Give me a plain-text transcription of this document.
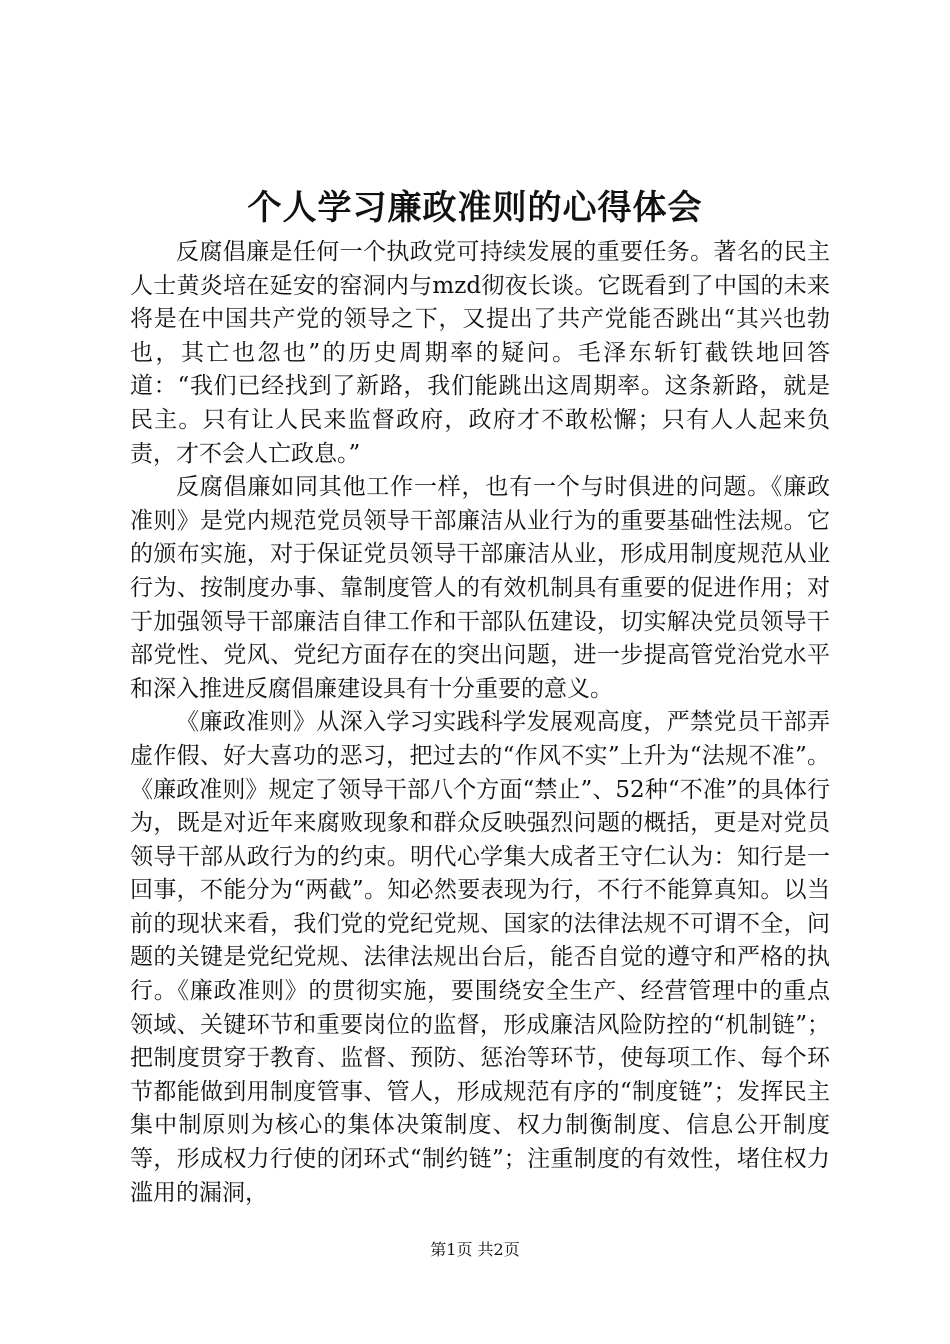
个人学习廉政准则的心得体会

反腐倡廉是任何一个执政党可持续发展的重要任务。著名的民主人士黄炎培在延安的窑洞内与mzd彻夜长谈。它既看到了中国的未来将是在中国共产党的领导之下，又提出了共产党能否跳出“其兴也勃也，其亡也忽也”的历史周期率的疑问。毛泽东斩钉截铁地回答道：“我们已经找到了新路，我们能跳出这周期率。这条新路，就是民主。只有让人民来监督政府，政府才不敢松懈；只有人人起来负责，才不会人亡政息。”

反腐倡廉如同其他工作一样，也有一个与时俱进的问题。《廉政准则》是党内规范党员领导干部廉洁从业行为的重要基础性法规。它的颁布实施，对于保证党员领导干部廉洁从业，形成用制度规范从业行为、按制度办事、靠制度管人的有效机制具有重要的促进作用；对于加强领导干部廉洁自律工作和干部队伍建设，切实解决党员领导干部党性、党风、党纪方面存在的突出问题，进一步提高管党治党水平和深入推进反腐倡廉建设具有十分重要的意义。

《廉政准则》从深入学习实践科学发展观高度，严禁党员干部弄虚作假、好大喜功的恶习，把过去的“作风不实”上升为“法规不准”。《廉政准则》规定了领导干部八个方面“禁止”、52种“不准”的具体行为，既是对近年来腐败现象和群众反映强烈问题的概括，更是对党员领导干部从政行为的约束。明代心学集大成者王守仁认为：知行是一回事，不能分为“两截”。知必然要表现为行，不行不能算真知。以当前的现状来看，我们党的党纪党规、国家的法律法规不可谓不全，问题的关键是党纪党规、法律法规出台后，能否自觉的遵守和严格的执行。《廉政准则》的贯彻实施，要围绕安全生产、经营管理中的重点领域、关键环节和重要岗位的监督，形成廉洁风险防控的“机制链”；把制度贯穿于教育、监督、预防、惩治等环节，使每项工作、每个环节都能做到用制度管事、管人，形成规范有序的“制度链”；发挥民主集中制原则为核心的集体决策制度、权力制衡制度、信息公开制度等，形成权力行使的闭环式“制约链”；注重制度的有效性，堵住权力滥用的漏洞，

第1页 共2页
